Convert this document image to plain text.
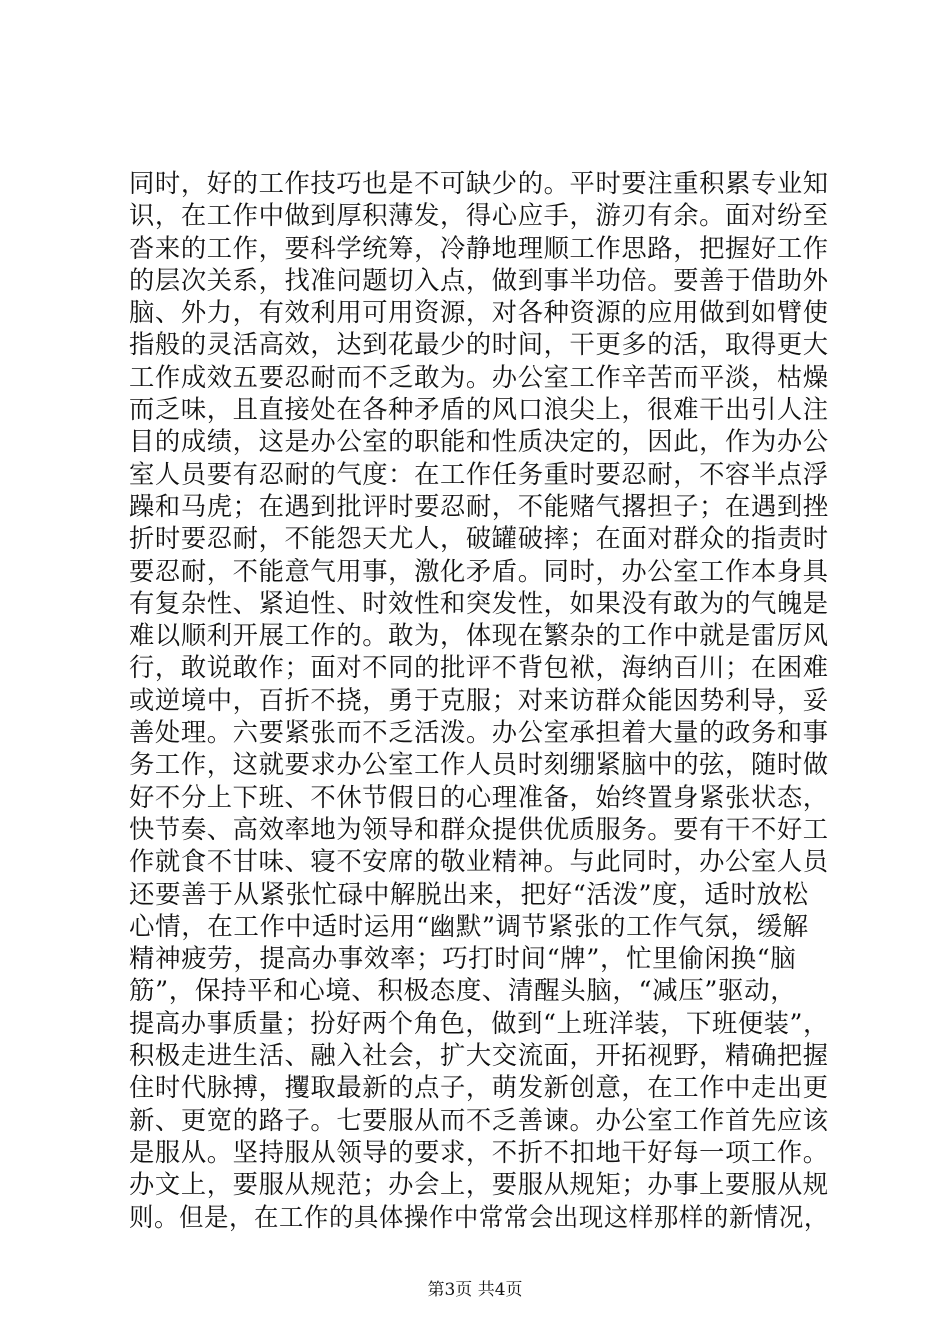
同时，好的工作技巧也是不可缺少的。平时要注重积累专业知
识，在工作中做到厚积薄发，得心应手，游刃有余。面对纷至
沓来的工作，要科学统筹，冷静地理顺工作思路，把握好工作
的层次关系，找准问题切入点，做到事半功倍。要善于借助外
脑、外力，有效利用可用资源，对各种资源的应用做到如臂使
指般的灵活高效，达到花最少的时间，干更多的活，取得更大
工作成效五要忍耐而不乏敢为。办公室工作辛苦而平淡，枯燥
而乏味，且直接处在各种矛盾的风口浪尖上，很难干出引人注
目的成绩，这是办公室的职能和性质决定的，因此，作为办公
室人员要有忍耐的气度：在工作任务重时要忍耐，不容半点浮
躁和马虎；在遇到批评时要忍耐，不能赌气撂担子；在遇到挫
折时要忍耐，不能怨天尤人，破罐破摔；在面对群众的指责时
要忍耐，不能意气用事，激化矛盾。同时，办公室工作本身具
有复杂性、紧迫性、时效性和突发性，如果没有敢为的气魄是
难以顺利开展工作的。敢为，体现在繁杂的工作中就是雷厉风
行，敢说敢作；面对不同的批评不背包袱，海纳百川；在困难
或逆境中，百折不挠，勇于克服；对来访群众能因势利导，妥
善处理。六要紧张而不乏活泼。办公室承担着大量的政务和事
务工作，这就要求办公室工作人员时刻绷紧脑中的弦，随时做
好不分上下班、不休节假日的心理准备，始终置身紧张状态，
快节奏、高效率地为领导和群众提供优质服务。要有干不好工
作就食不甘味、寝不安席的敬业精神。与此同时，办公室人员
还要善于从紧张忙碌中解脱出来，把好“活泼”度，适时放松
心情，在工作中适时运用“幽默”调节紧张的工作气氛，缓解
精神疲劳，提高办事效率；巧打时间“牌”，忙里偷闲换“脑
筋”，保持平和心境、积极态度、清醒头脑，“减压”驱动，
提高办事质量；扮好两个角色，做到“上班洋装，下班便装”，
积极走进生活、融入社会，扩大交流面，开拓视野，精确把握
住时代脉搏，攫取最新的点子，萌发新创意，在工作中走出更
新、更宽的路子。七要服从而不乏善谏。办公室工作首先应该
是服从。坚持服从领导的要求，不折不扣地干好每一项工作。
办文上，要服从规范；办会上，要服从规矩；办事上要服从规
则。但是，在工作的具体操作中常常会出现这样那样的新情况，
第3页 共4页
